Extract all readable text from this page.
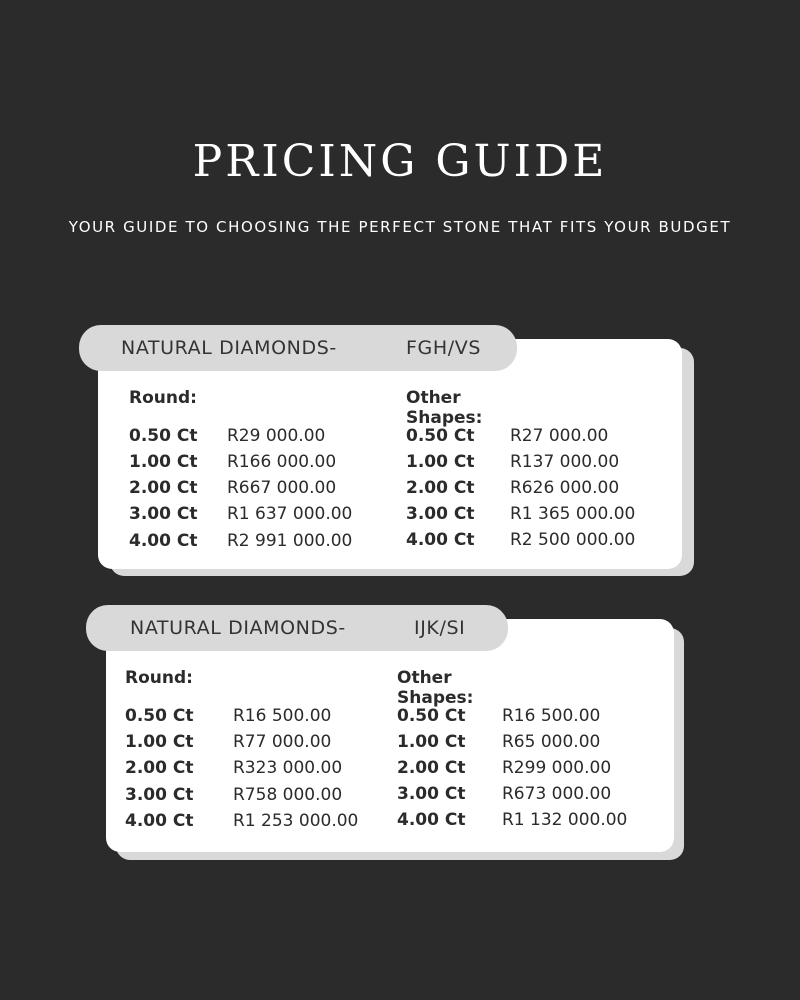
PRICING GUIDE
YOUR GUIDE TO CHOOSING THE PERFECT STONE THAT FITS YOUR BUDGET
NATURAL DIAMONDS-	FGH/VS
Round:	Other Shapes:
0.50 Ct R29 000.00
1.00 Ct R166 000.00
2.00 Ct R667 000.00
3.00 Ct R1 637 000.00
4.00 Ct R2 991 000.00
0.50 Ct R27 000.00
1.00 Ct R137 000.00
2.00 Ct R626 000.00
3.00 Ct R1 365 000.00
4.00 Ct R2 500 000.00
NATURAL DIAMONDS-	IJK/SI
Round:	Other Shapes:
0.50 Ct R16 500.00
1.00 Ct R77 000.00
2.00 Ct R323 000.00
3.00 Ct R758 000.00
4.00 Ct R1 253 000.00
0.50 Ct R16 500.00
1.00 Ct R65 000.00
2.00 Ct R299 000.00
3.00 Ct R673 000.00
4.00 Ct R1 132 000.00
